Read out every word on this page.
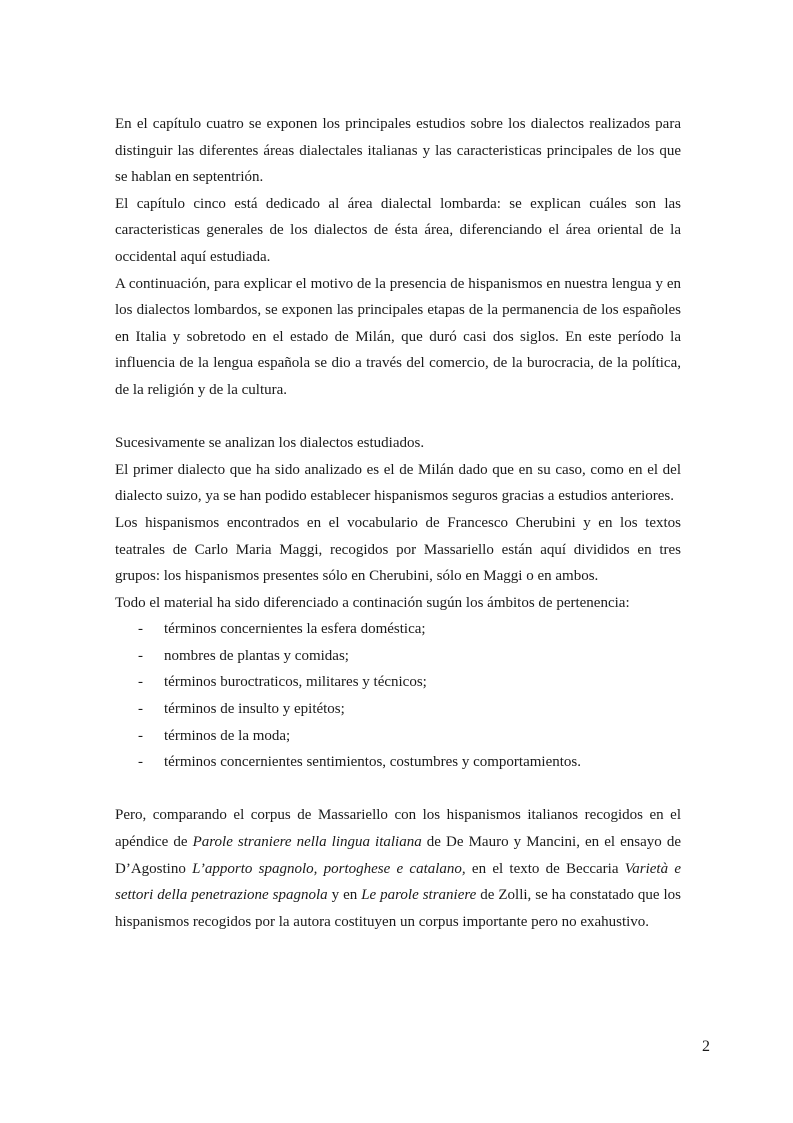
En el capítulo cuatro se exponen los principales estudios sobre los dialectos realizados para distinguir las diferentes áreas dialectales italianas y las caracteristicas principales de los que se hablan en septentrión.

El capítulo cinco está dedicado al área dialectal lombarda: se explican cuáles son las caracteristicas generales de los dialectos de ésta área, diferenciando el área oriental de la occidental aquí estudiada.

A continuación, para explicar el motivo de la presencia de hispanismos en nuestra lengua y en los dialectos lombardos, se exponen las principales etapas de la permanencia de los españoles en Italia y sobretodo en el estado de Milán, que duró casi dos siglos. En este período la influencia de la lengua española se dio a través del comercio, de la burocracia, de la política, de la religión y de la cultura.

Sucesivamente se analizan los dialectos estudiados.

El primer dialecto que ha sido analizado es el de Milán dado que en su caso, como en el del dialecto suizo, ya se han podido establecer hispanismos seguros gracias a estudios anteriores.

Los hispanismos encontrados en el vocabulario de Francesco Cherubini y en los textos teatrales de Carlo Maria Maggi, recogidos por Massariello están aquí divididos en tres grupos: los hispanismos presentes sólo en Cherubini, sólo en Maggi o en ambos.

Todo el material ha sido diferenciado a continación sugún los ámbitos de pertenencia:

- términos concernientes la esfera doméstica;
- nombres de plantas y comidas;
- términos buroctraticos, militares y técnicos;
- términos de insulto y epitétos;
- términos de la moda;
- términos concernientes sentimientos, costumbres y comportamientos.

Pero, comparando el corpus de Massariello con los hispanismos italianos recogidos en el apéndice de Parole straniere nella lingua italiana de De Mauro y Mancini, en el ensayo de D’Agostino L’apporto spagnolo, portoghese e catalano, en el texto de Beccaria Varietà e settori della penetrazione spagnola y en Le parole straniere de Zolli, se ha constatado que los hispanismos recogidos por la autora costituyen un corpus importante pero no exahustivo.

2
